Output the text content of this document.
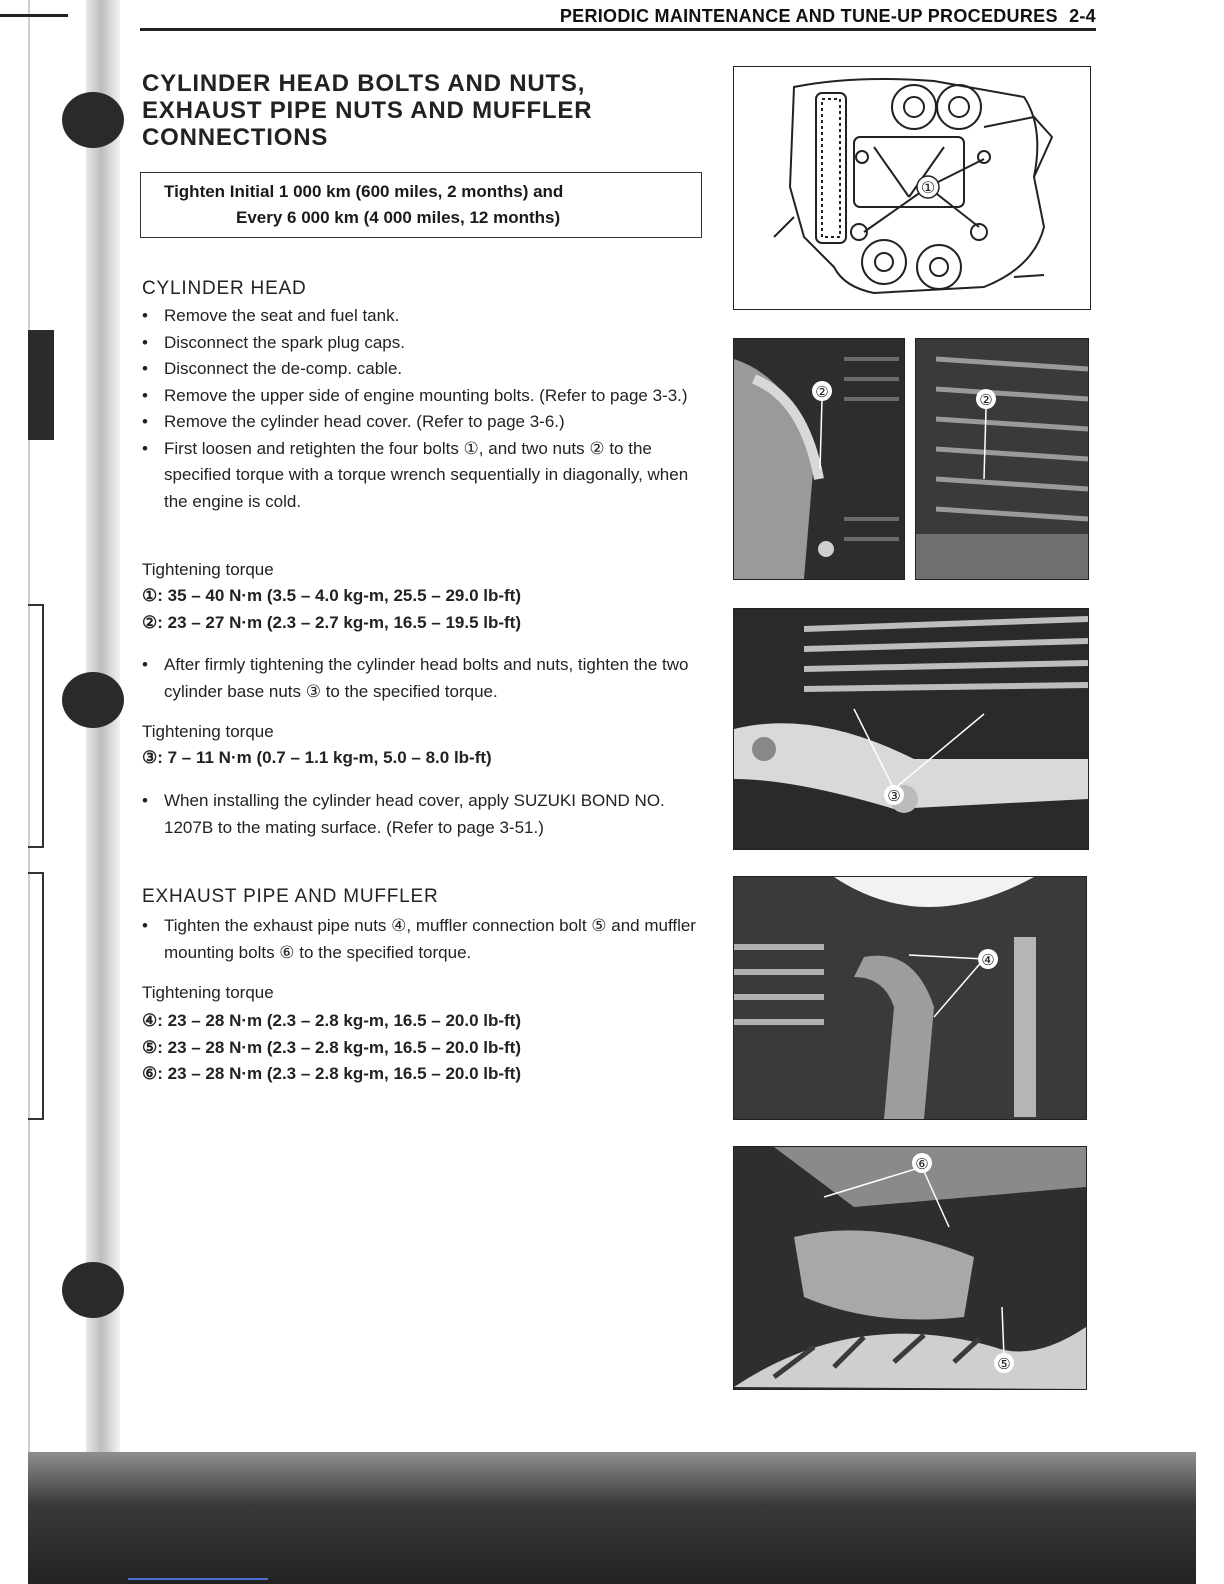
PERIODIC MAINTENANCE AND TUNE-UP PROCEDURES 2-4
CYLINDER HEAD BOLTS AND NUTS,
EXHAUST PIPE NUTS AND MUFFLER
CONNECTIONS
Tighten Initial 1 000 km (600 miles, 2 months) and
Every 6 000 km (4 000 miles, 12 months)
CYLINDER HEAD
• Remove the seat and fuel tank.
• Disconnect the spark plug caps.
• Disconnect the de-comp. cable.
• Remove the upper side of engine mounting bolts. (Refer to page 3-3.)
• Remove the cylinder head cover. (Refer to page 3-6.)
• First loosen and retighten the four bolts ①, and two nuts ② to the specified torque with a torque wrench sequentially in diagonally, when the engine is cold.
Tightening torque
①: 35 – 40 N·m (3.5 – 4.0 kg-m, 25.5 – 29.0 lb-ft)
②: 23 – 27 N·m (2.3 – 2.7 kg-m, 16.5 – 19.5 lb-ft)
• After firmly tightening the cylinder head bolts and nuts, tighten the two cylinder base nuts ③ to the specified torque.
Tightening torque
③: 7 – 11 N·m (0.7 – 1.1 kg-m, 5.0 – 8.0 lb-ft)
• When installing the cylinder head cover, apply SUZUKI BOND NO. 1207B to the mating surface. (Refer to page 3-51.)
EXHAUST PIPE AND MUFFLER
• Tighten the exhaust pipe nuts ④, muffler connection bolt ⑤ and muffler mounting bolts ⑥ to the specified torque.
Tightening torque
④: 23 – 28 N·m (2.3 – 2.8 kg-m, 16.5 – 20.0 lb-ft)
⑤: 23 – 28 N·m (2.3 – 2.8 kg-m, 16.5 – 20.0 lb-ft)
⑥: 23 – 28 N·m (2.3 – 2.8 kg-m, 16.5 – 20.0 lb-ft)
①
②	②
③
④
⑥
⑤
